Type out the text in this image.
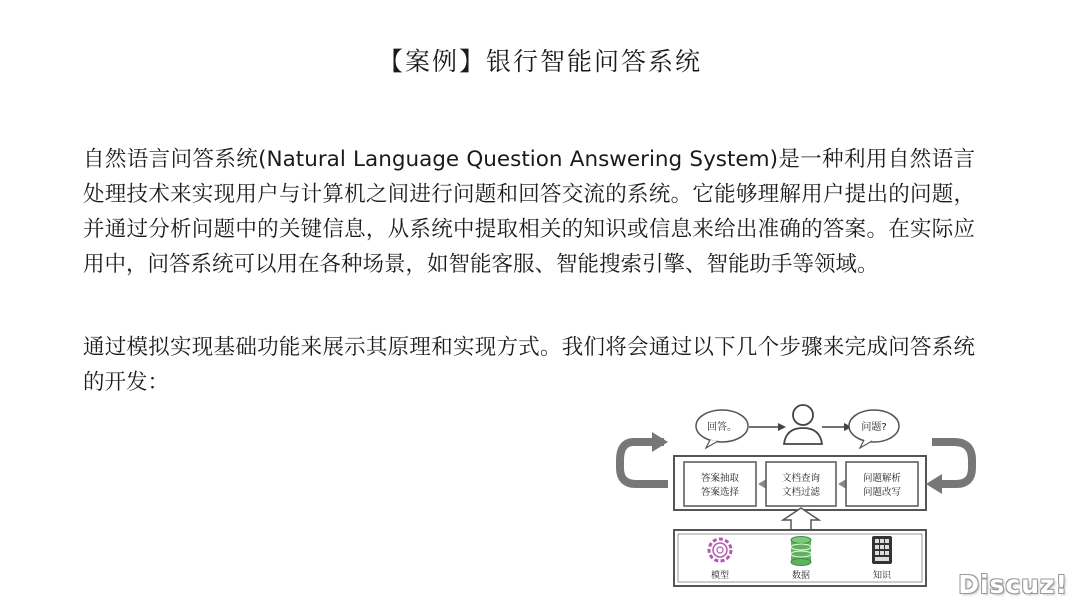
【案例】银行智能问答系统

自然语言问答系统(Natural Language Question Answering System)是一种利用自然语言处理技术来实现用户与计算机之间进行问题和回答交流的系统。它能够理解用户提出的问题，并通过分析问题中的关键信息，从系统中提取相关的知识或信息来给出准确的答案。在实际应用中，问答系统可以用在各种场景，如智能客服、智能搜索引擎、智能助手等领域。

通过模拟实现基础功能来展示其原理和实现方式。我们将会通过以下几个步骤来完成问答系统的开发：

回答。	问题?
答案抽取
答案选择
文档查询
文档过滤
问题解析
问题改写
模型	数据	知识	Discuz!
